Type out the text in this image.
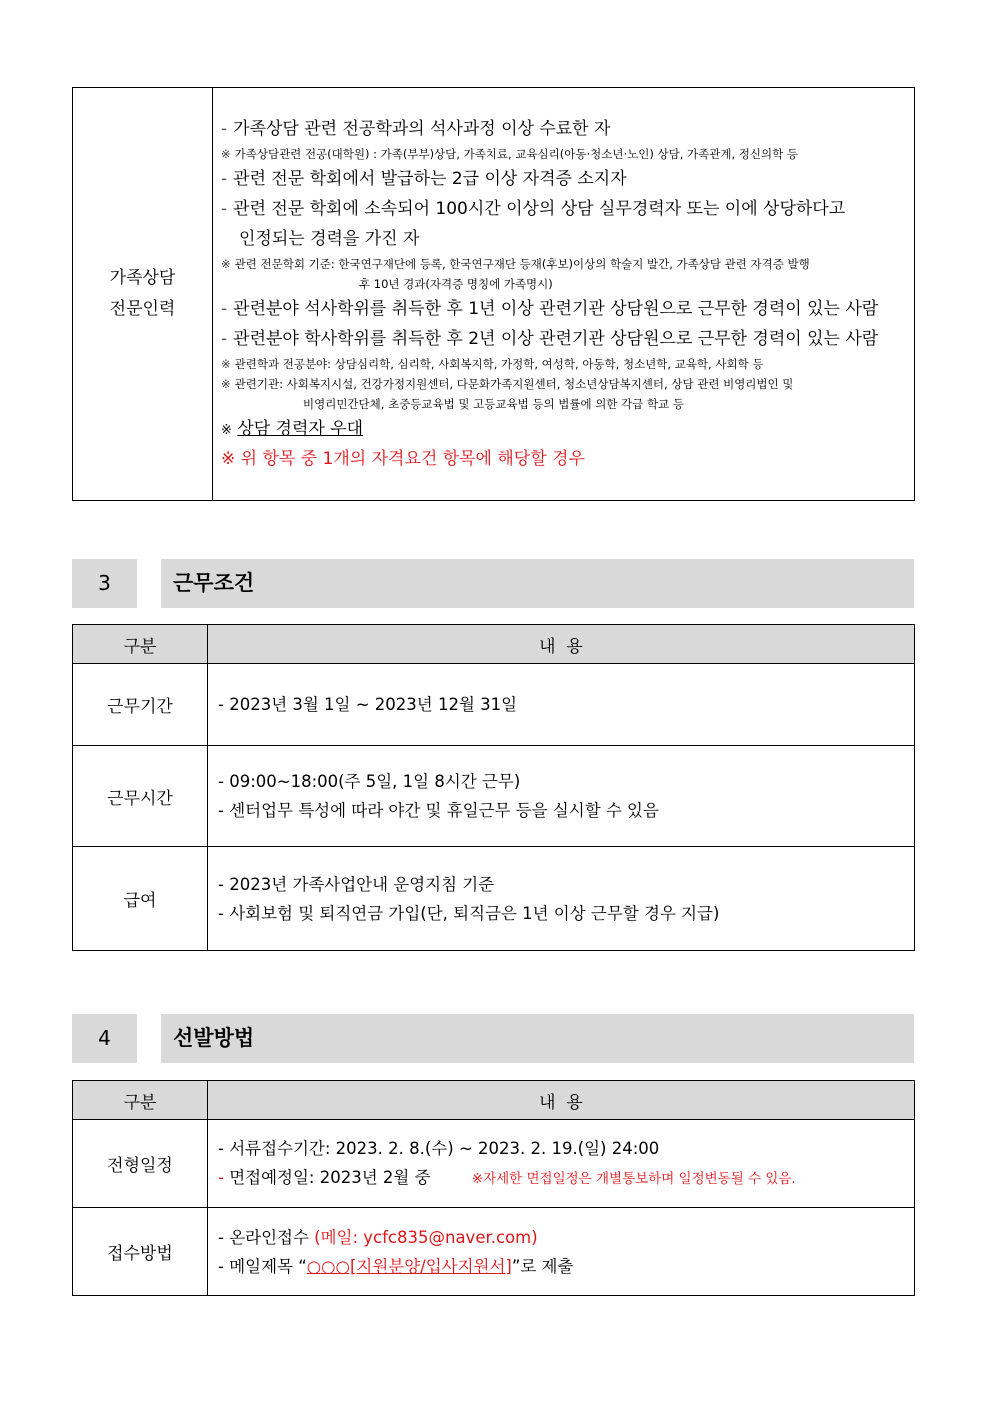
가족상담
전문인력

- 가족상담 관련 전공학과의 석사과정 이상 수료한 자
※ 가족상담관련 전공(대학원) : 가족(부부)상담, 가족치료, 교육심리(아동·청소년·노인) 상담, 가족관계, 정신의학 등
- 관련 전문 학회에서 발급하는 2급 이상 자격증 소지자
- 관련 전문 학회에 소속되어 100시간 이상의 상담 실무경력자 또는 이에 상당하다고
인정되는 경력을 가진 자
※ 관련 전문학회 기준: 한국연구재단에 등록, 한국연구재단 등재(후보)이상의 학술지 발간, 가족상담 관련 자격증 발행
후 10년 경과(자격증 명칭에 가족명시)
- 관련분야 석사학위를 취득한 후 1년 이상 관련기관 상담원으로 근무한 경력이 있는 사람
- 관련분야 학사학위를 취득한 후 2년 이상 관련기관 상담원으로 근무한 경력이 있는 사람
※ 관련학과 전공분야: 상담심리학, 심리학, 사회복지학, 가정학, 여성학, 아동학, 청소년학, 교육학, 사회학 등
※ 관련기관: 사회복지시설, 건강가정지원센터, 다문화가족지원센터, 청소년상담복지센터, 상담 관련 비영리법인 및
비영리민간단체, 초중등교육법 및 고등교육법 등의 법률에 의한 각급 학교 등
※ 상담 경력자 우대
※ 위 항목 중 1개의 자격요건 항목에 해당할 경우
3	근무조건
구분	내  용
근무기간	- 2023년 3월 1일 ~ 2023년 12월 31일

근무시간	- 09:00~18:00(주 5일, 1일 8시간 근무)
- 센터업무 특성에 따라 야간 및 휴일근무 등을 실시할 수 있음

급여	- 2023년 가족사업안내 운영지침 기준
- 사회보험 및 퇴직연금 가입(단, 퇴직금은 1년 이상 근무할 경우 지급)
4	선발방법
구분	내  용
전형일정	- 서류접수기간: 2023. 2. 8.(수) ~ 2023. 2. 19.(일) 24:00
- 면접예정일: 2023년 2월 중 ※자세한 면접일정은 개별통보하며 일정변동될 수 있음.

접수방법	- 온라인접수 (메일: ycfc835@naver.com)
- 메일제목 “○○○[지원분양/입사지원서]”로 제출
